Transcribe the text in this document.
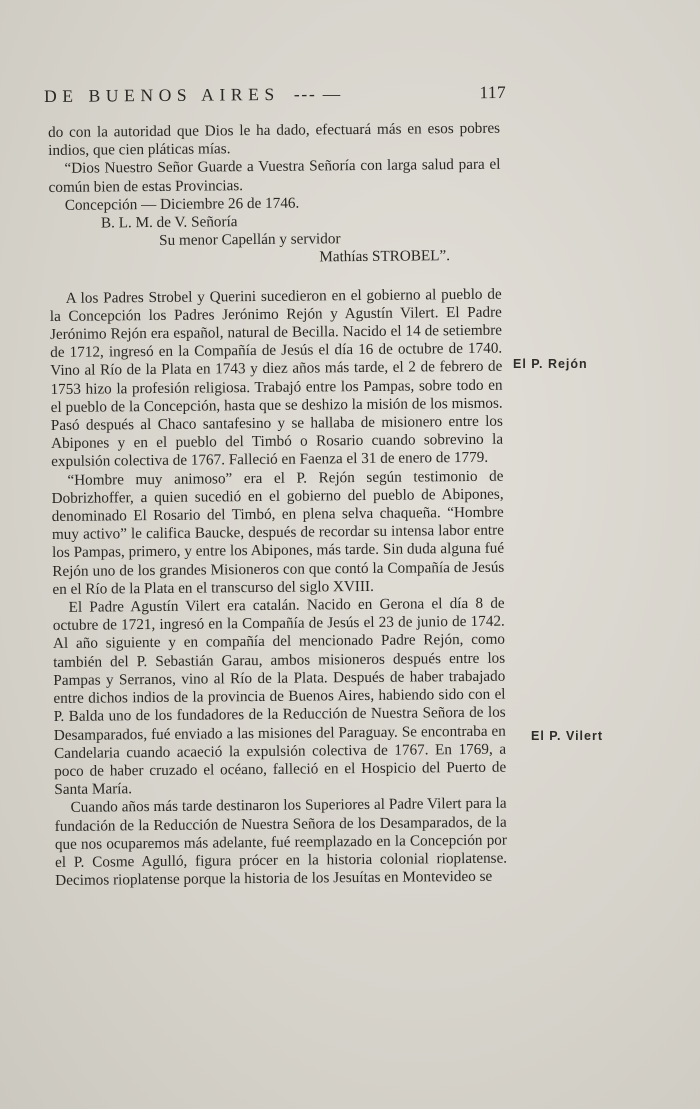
DE BUENOS AIRES --- —	117

do con la autoridad que Dios le ha dado, efectuará más en esos pobres indios, que cien pláticas mías.

“Dios Nuestro Señor Guarde a Vuestra Señoría con larga salud para el común bien de estas Provincias.

Concepción — Diciembre 26 de 1746.

B. L. M. de V. Señoría

Su menor Capellán y servidor

Mathías STROBEL”.

A los Padres Strobel y Querini sucedieron en el gobierno al pueblo de la Concepción los Padres Jerónimo Rejón y Agustín Vilert. El Padre Jerónimo Rejón era español, natural de Becilla. Nacido el 14 de setiembre de 1712, ingresó en la Compañía de Jesús el día 16 de octubre de 1740. Vino al Río de la Plata en 1743 y diez años más tarde, el 2 de febrero de 1753 hizo la profesión religiosa. Trabajó entre los Pampas, sobre todo en el pueblo de la Concepción, hasta que se deshizo la misión de los mismos. Pasó después al Chaco santafesino y se hallaba de misionero entre los Abipones y en el pueblo del Timbó o Rosario cuando sobrevino la expulsión colectiva de 1767. Falleció en Faenza el 31 de enero de 1779.

“Hombre muy animoso” era el P. Rejón según testimonio de Dobrizhoffer, a quien sucedió en el gobierno del pueblo de Abipones, denominado El Rosario del Timbó, en plena selva chaqueña. “Hombre muy activo” le califica Baucke, después de recordar su intensa labor entre los Pampas, primero, y entre los Abipones, más tarde. Sin duda alguna fué Rejón uno de los grandes Misioneros con que contó la Compañía de Jesús en el Río de la Plata en el transcurso del siglo XVIII.

El Padre Agustín Vilert era catalán. Nacido en Gerona el día 8 de octubre de 1721, ingresó en la Compañía de Jesús el 23 de junio de 1742. Al año siguiente y en compañía del mencionado Padre Rejón, como también del P. Sebastián Garau, ambos misioneros después entre los Pampas y Serranos, vino al Río de la Plata. Después de haber trabajado entre dichos indios de la provincia de Buenos Aires, habiendo sido con el P. Balda uno de los fundadores de la Reducción de Nuestra Señora de los Desamparados, fué enviado a las misiones del Paraguay. Se encontraba en Candelaria cuando acaeció la expulsión colectiva de 1767. En 1769, a poco de haber cruzado el océano, falleció en el Hospicio del Puerto de Santa María.

Cuando años más tarde destinaron los Superiores al Padre Vilert para la fundación de la Reducción de Nuestra Señora de los Desamparados, de la que nos ocuparemos más adelante, fué reemplazado en la Concepción por el P. Cosme Agulló, figura prócer en la historia colonial rioplatense. Decimos rioplatense porque la historia de los Jesuítas en Montevideo se

El P. Rejón
El P. Vilert
